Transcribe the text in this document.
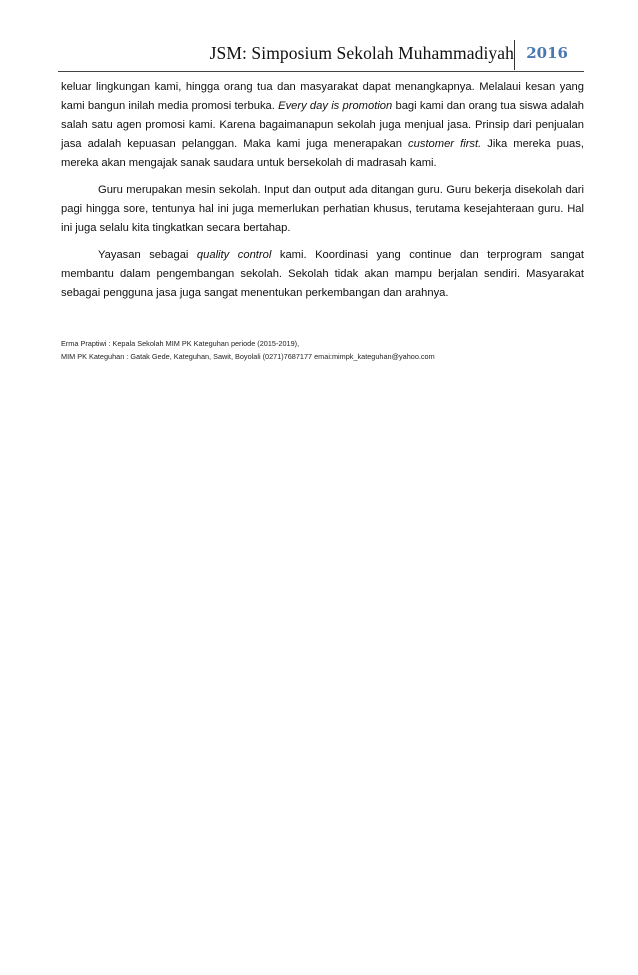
JSM: Simposium Sekolah Muhammadiyah 2016

keluar lingkungan kami, hingga orang tua dan masyarakat dapat menangkapnya. Melalaui kesan yang kami bangun inilah media promosi terbuka. Every day is promotion bagi kami dan orang tua siswa adalah salah satu agen promosi kami. Karena bagaimanapun sekolah juga menjual jasa. Prinsip dari penjualan jasa adalah kepuasan pelanggan. Maka kami juga menerapakan customer first. Jika mereka puas, mereka akan mengajak sanak saudara untuk bersekolah di madrasah kami.

Guru merupakan mesin sekolah. Input dan output ada ditangan guru. Guru bekerja disekolah dari pagi hingga sore, tentunya hal ini juga memerlukan perhatian khusus, terutama kesejahteraan guru. Hal ini juga selalu kita tingkatkan secara bertahap.

Yayasan sebagai quality control kami. Koordinasi yang continue dan terprogram sangat membantu dalam pengembangan sekolah. Sekolah tidak akan mampu berjalan sendiri. Masyarakat sebagai pengguna jasa juga sangat menentukan perkembangan dan arahnya.

Erma Praptiwi : Kepala Sekolah MIM PK Kateguhan periode (2015-2019),
MIM PK Kateguhan : Gatak Gede, Kateguhan, Sawit, Boyolali (0271)7687177 emai:mimpk_kateguhan@yahoo.com
